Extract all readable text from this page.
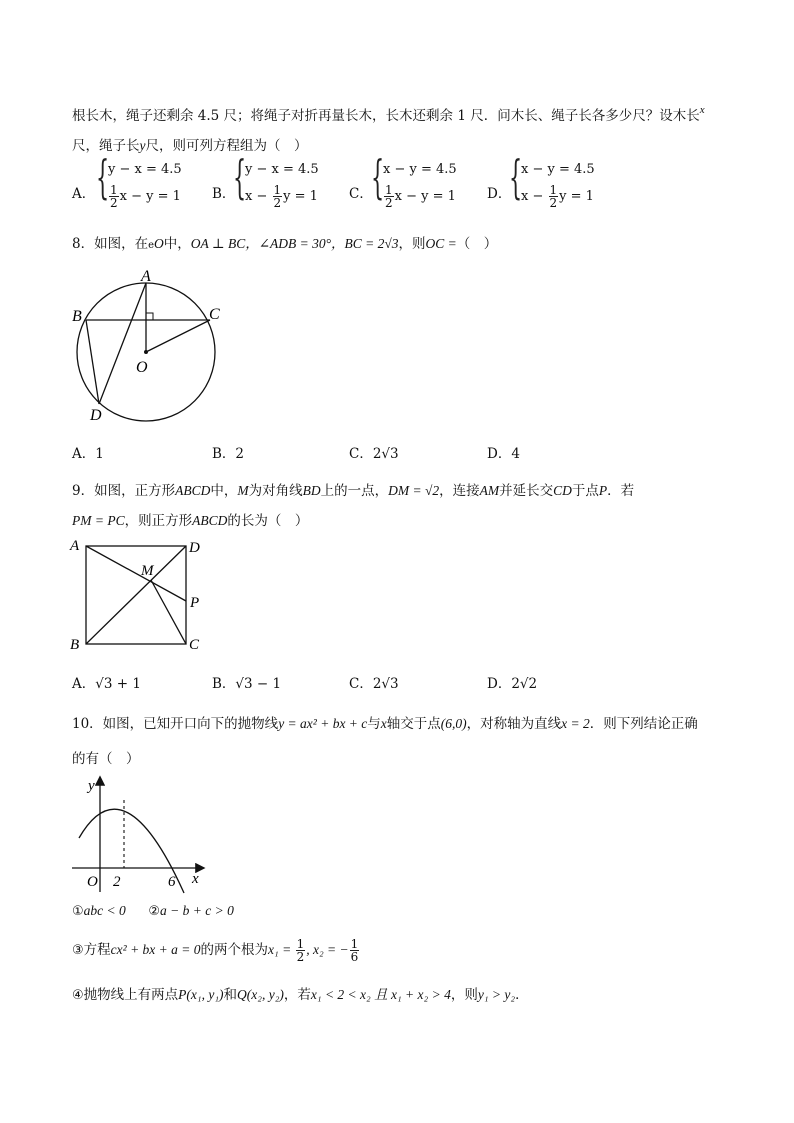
根长木，绳子还剩余 4.5 尺；将绳子对折再量长木，长木还剩余 1 尺．问木长、绳子长各多少尺？设木长$^x$
尺，绳子长y尺，则可列方程组为（　）
A．	B．	C．	D．
{
y − x = 4.5
$\frac{1}{2}$ x − y = 1 {
y − x = 4.5
$x - \frac{1}{2}$ y = 1 {
x − y = 4.5
$\frac{1}{2}$ x − y = 1 {
x − y = 4.5
$x - \frac{1}{2}$ y = 1
8．如图，在eO中，OA ⊥ BC，∠ADB = 30°，BC = 2√3，则OC =（　）
A
B	C
O
D
A．1	B．2	C．2√3	D．4
9．如图，正方形ABCD中，M为对角线BD上的一点，DM = √2，连接AM并延长交CD于点P．若
PM = PC，则正方形ABCD的长为（　）
A	D
M
P
B	C
A．√3 + 1	B．√3 − 1	C．2√3	D．2√2
10．如图，已知开口向下的抛物线y = ax² + bx + c与x轴交于点(6,0)，对称轴为直线x = 2．则下列结论正确
的有（　）
y
x
O 2	6
①abc < 0 ②a − b + c > 0
③方程cx² + bx + a = 0的两个根为$x_1 = \frac{1}{2}$ , x₂ = − $\frac{1}{6}$
④抛物线上有两点P(x₁, y₁)和Q(x₂, y₂)，若x₁ < 2 < x₂ 且 x₁ + x₂ > 4，则y₁ > y₂．
